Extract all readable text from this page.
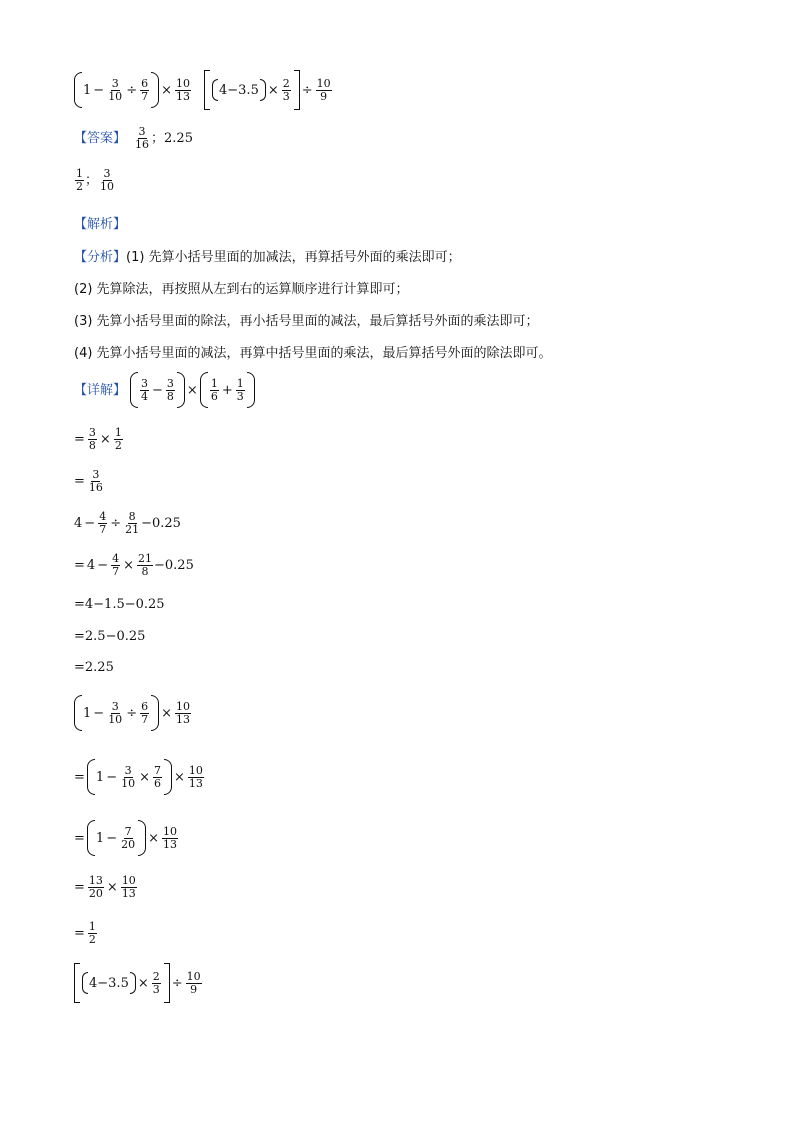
$1 - \frac{3}{10} \div \frac{6}{7} \times \frac{10}{13} 4-3.5 \times \frac{2}{3} \div \frac{10}{9}$
【答案】 $\frac{3}{16}$ ； 2.25
$\frac{1}{2}$ ； $\frac{3}{10}$
【解析】
【分析】(1) 先算小括号里面的加减法，再算括号外面的乘法即可；
(2) 先算除法，再按照从左到右的运算顺序进行计算即可；
(3) 先算小括号里面的除法，再小括号里面的减法，最后算括号外面的乘法即可；
(4) 先算小括号里面的减法，再算中括号里面的乘法，最后算括号外面的除法即可。
【详解】 $\frac{3}{4} - \frac{3}{8} \times \frac{1}{6} + \frac{1}{3}$
= $\frac{3}{8} \times \frac{1}{2}$
= $\frac{3}{16}$
$4 - \frac{4}{7} \div \frac{8}{21} -0.25$
= $4 - \frac{4}{7} \times \frac{21}{8} -0.25$
=4−1.5−0.25
=2.5−0.25
=2.25
$1 - \frac{3}{10} \div \frac{6}{7} \times \frac{10}{13}$
= $1 - \frac{3}{10} \times \frac{7}{6} \times \frac{10}{13}$
= $1 - \frac{7}{20} \times \frac{10}{13}$
= $\frac{13}{20} \times \frac{10}{13}$
= $\frac{1}{2}$
$4-3.5 \times \frac{2}{3} \div \frac{10}{9}$
